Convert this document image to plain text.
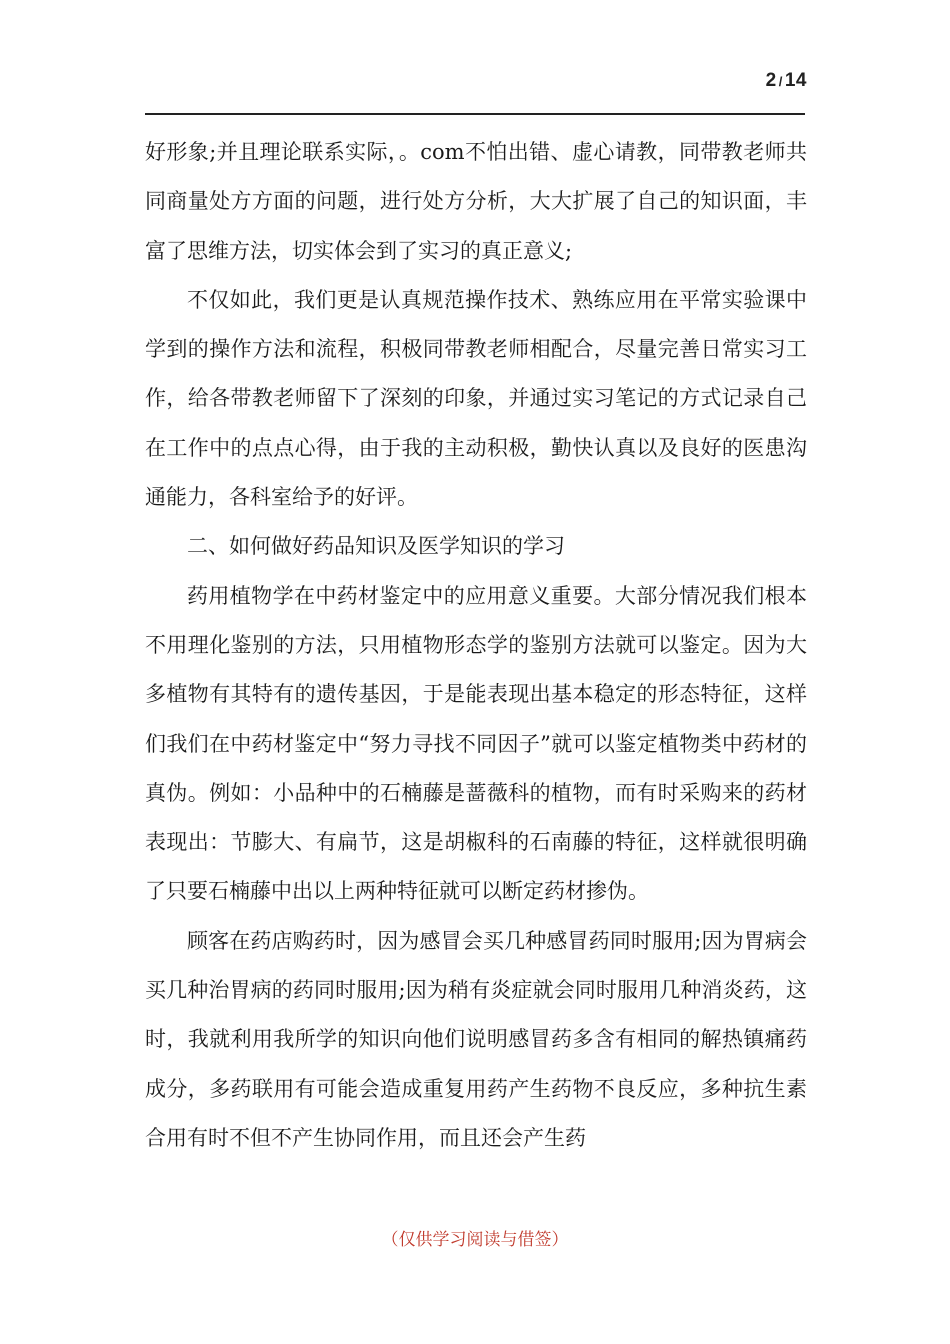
2 / 14

好形象;并且理论联系实际，。com不怕出错、虚心请教，同带教老师共同商量处方方面的问题，进行处方分析，大大扩展了自己的知识面，丰富了思维方法，切实体会到了实习的真正意义;

不仅如此，我们更是认真规范操作技术、熟练应用在平常实验课中学到的操作方法和流程，积极同带教老师相配合，尽量完善日常实习工作，给各带教老师留下了深刻的印象，并通过实习笔记的方式记录自己在工作中的点点心得，由于我的主动积极，勤快认真以及良好的医患沟通能力，各科室给予的好评。

二、如何做好药品知识及医学知识的学习

药用植物学在中药材鉴定中的应用意义重要。大部分情况我们根本不用理化鉴别的方法，只用植物形态学的鉴别方法就可以鉴定。因为大多植物有其特有的遗传基因，于是能表现出基本稳定的形态特征，这样们我们在中药材鉴定中“努力寻找不同因子”就可以鉴定植物类中药材的真伪。例如：小品种中的石楠藤是蔷薇科的植物，而有时采购来的药材表现出：节膨大、有扁节，这是胡椒科的石南藤的特征，这样就很明确了只要石楠藤中出以上两种特征就可以断定药材掺伪。

顾客在药店购药时，因为感冒会买几种感冒药同时服用;因为胃病会买几种治胃病的药同时服用;因为稍有炎症就会同时服用几种消炎药，这时，我就利用我所学的知识向他们说明感冒药多含有相同的解热镇痛药成分，多药联用有可能会造成重复用药产生药物不良反应，多种抗生素合用有时不但不产生协同作用，而且还会产生药

（仅供学习阅读与借签）
